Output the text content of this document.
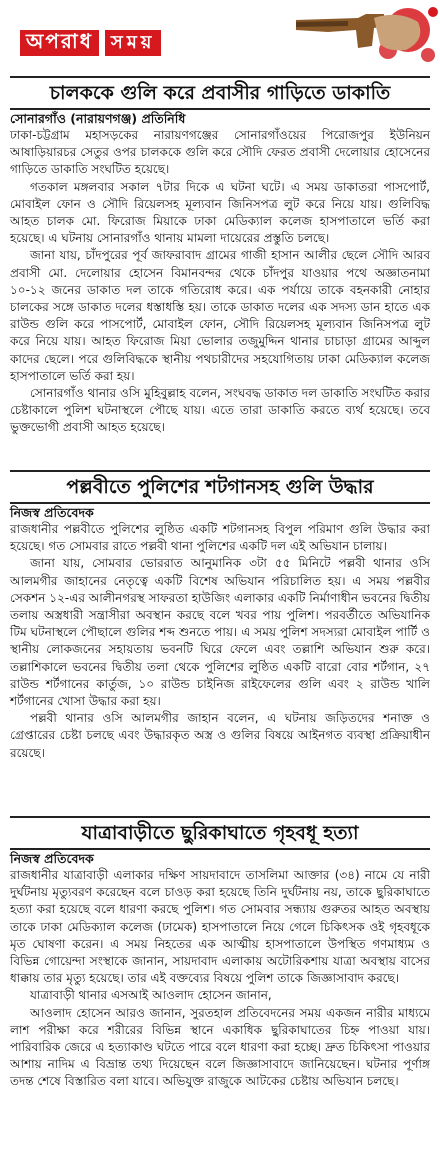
অপরাধ সময়
চালককে গুলি করে প্রবাসীর গাড়িতে ডাকাতি
সোনারগাঁও (নারায়ণগঞ্জ) প্রতিনিধি

ঢাকা-চট্টগ্রাম মহাসড়কের নারায়ণগঞ্জের সোনারগাঁওয়ের পিরোজপুর ইউনিয়ন আষাড়িয়ারচর সেতুর ওপর চালককে গুলি করে সৌদি ফেরত প্রবাসী দেলোয়ার হোসেনের গাড়িতে ডাকাতি সংঘটিত হয়েছে।

গতকাল মঙ্গলবার সকাল ৭টার দিকে এ ঘটনা ঘটে। এ সময় ডাকাতরা পাসপোর্ট, মোবাইল ফোন ও সৌদি রিয়েলসহ মূল্যবান জিনিসপত্র লুট করে নিয়ে যায়। গুলিবিদ্ধ আহত চালক মো. ফিরোজ মিয়াকে ঢাকা মেডিক্যাল কলেজ হাসপাতালে ভর্তি করা হয়েছে। এ ঘটনায় সোনারগাঁও থানায় মামলা দায়েরের প্রস্তুতি চলছে।

জানা যায়, চাঁদপুরের পূর্ব জাফরাবাদ গ্রামের গাজী হাসান আলীর ছেলে সৌদি আরব প্রবাসী মো. দেলোয়ার হোসেন বিমানবন্দর থেকে চাঁদপুর যাওয়ার পথে অজ্ঞাতনামা ১০-১২ জনের ডাকাত দল তাকে গতিরোধ করে। এক পর্যায়ে তাকে বহনকারী নোহার চালকের সঙ্গে ডাকাত দলের ধস্তাধস্তি হয়। তাকে ডাকাত দলের এক সদস্য ডান হাতে এক রাউন্ড গুলি করে পাসপোর্ট, মোবাইল ফোন, সৌদি রিয়েলসহ মূল্যবান জিনিসপত্র লুট করে নিয়ে যায়। আহত ফিরোজ মিয়া ভোলার তজুমুদ্দিন থানার চাচাড়া গ্রামের আব্দুল কাদের ছেলে। পরে গুলিবিদ্ধকে স্থানীয় পথচারীদের সহযোগিতায় ঢাকা মেডিক্যাল কলেজ হাসপাতালে ভর্তি করা হয়।

সোনারগাঁও থানার ওসি মুহিবুল্লাহ বলেন, সংঘবদ্ধ ডাকাত দল ডাকাতি সংঘটিত করার চেষ্টাকালে পুলিশ ঘটনাস্থলে পৌছে যায়। এতে তারা ডাকাতি করতে ব্যর্থ হয়েছে। তবে ভুক্তভোগী প্রবাসী আহত হয়েছে।

পল্লবীতে পুলিশের শটগানসহ গুলি উদ্ধার
নিজস্ব প্রতিবেদক

রাজধানীর পল্লবীতে পুলিশের লুষ্ঠিত একটি শটগানসহ বিপুল পরিমাণ গুলি উদ্ধার করা হয়েছে। গত সোমবার রাতে পল্লবী থানা পুলিশের একটি দল এই অভিযান চালায়।

জানা যায়, সোমবার ভোররাত আনুমানিক ৩টা ৫৫ মিনিটে পল্লবী থানার ওসি আলমগীর জাহানের নেতৃত্বে একটি বিশেষ অভিযান পরিচালিত হয়। এ সময় পল্লবীর সেকশন ১২-এর আলীনগরস্থ সাফরতা হাউজিং এলাকার একটি নির্মাণাধীন ভবনের দ্বিতীয় তলায় অস্ত্রধারী সন্ত্রাসীরা অবস্থান করছে বলে খবর পায় পুলিশ। পরবর্তীতে অভিযানিক টিম ঘটনাস্থলে পৌছালে গুলির শব্দ শুনতে পায়। এ সময় পুলিশ সদস্যরা মোবাইল পার্টি ও স্থানীয় লোকজনের সহায়তায় ভবনটি ঘিরে ফেলে এবং তল্লাশি অভিযান শুরু করে। তল্লাশিকালে ভবনের দ্বিতীয় তলা থেকে পুলিশের লুষ্ঠিত একটি বারো বোর শর্টগান, ২৭ রাউন্ড শর্টগানের কার্তুজ, ১০ রাউন্ড চাইনিজ রাইফেলের গুলি এবং ২ রাউন্ড খালি শর্টগানের খোসা উদ্ধার করা হয়।

পল্লবী থানার ওসি আলমগীর জাহান বলেন, এ ঘটনায় জড়িতদের শনাক্ত ও গ্রেপ্তারের চেষ্টা চলছে এবং উদ্ধারকৃত অস্ত্র ও গুলির বিষয়ে আইনগত ব্যবস্থা প্রক্রিয়াধীন রয়েছে।

যাত্রাবাড়ীতে ছুরিকাঘাতে গৃহবধূ হত্যা
নিজস্ব প্রতিবেদক

রাজধানীর যাত্রাবাড়ী এলাকার দক্ষিণ সায়দাবাদে তাসলিমা আক্তার (৩৪) নামে যে নারী দুর্ঘটনায় মৃত্যুবরণ করেছেন বলে চাওড় করা হয়েছে তিনি দুর্ঘটনায় নয়, তাকে ছুরিকাঘাতে হত্যা করা হয়েছে বলে ধারণা করছে পুলিশ। গত সোমবার সন্ধ্যায় গুরুতর আহত অবস্থায় তাকে ঢাকা মেডিক্যাল কলেজ (ঢামেক) হাসপাতালে নিয়ে গেলে চিকিৎসক ওই গৃহবধূকে মৃত ঘোষণা করেন। এ সময় নিহতের এক আত্মীয় হাসপাতালে উপস্থিত গণমাধ্যম ও বিভিন্ন গোয়েন্দা সংস্থাকে জানান, সায়দাবাদ এলাকায় অটোরিকশায় যাত্রা অবস্থায় বাসের ধাক্কায় তার মৃত্যু হয়েছে। তার এই বক্তব্যের বিষয়ে পুলিশ তাকে জিজ্ঞাসাবাদ করছে।

যাত্রাবাড়ী থানার এসআই আওলাদ হোসেন জানান,

আওলাদ হোসেন আরও জানান, সুরতহাল প্রতিবেদনের সময় একজন নারীর মাধ্যমে লাশ পরীক্ষা করে শরীরের বিভিন্ন স্থানে একাধিক ছুরিকাঘাতের চিহ্ন পাওয়া যায়। পারিবারিক জেরে এ হত্যাকাণ্ড ঘটতে পারে বলে ধারণা করা হচ্ছে। দ্রুত চিকিৎসা পাওয়ার আশায় নাদিম এ বিভ্রান্ত তথ্য দিয়েছেন বলে জিজ্ঞাসাবাদে জানিয়েছেন। ঘটনার পূর্ণাঙ্গ তদন্ত শেষে বিস্তারিত বলা যাবে। অভিযুক্ত রাজুকে আটকের চেষ্টায় অভিযান চলছে।
